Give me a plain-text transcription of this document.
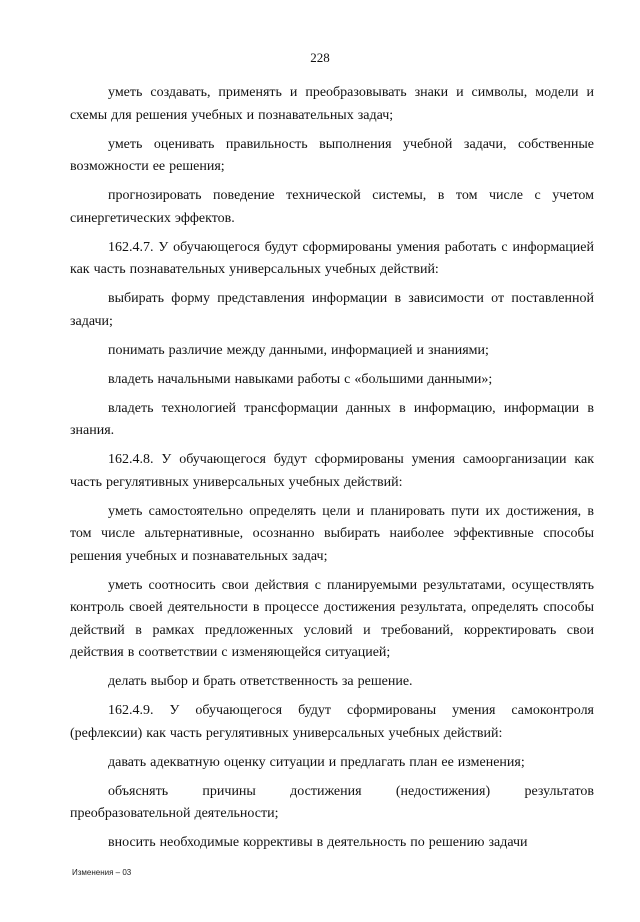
228

уметь создавать, применять и преобразовывать знаки и символы, модели и схемы для решения учебных и познавательных задач;

уметь оценивать правильность выполнения учебной задачи, собственные возможности ее решения;

прогнозировать поведение технической системы, в том числе с учетом синергетических эффектов.

162.4.7. У обучающегося будут сформированы умения работать с информацией как часть познавательных универсальных учебных действий:

выбирать форму представления информации в зависимости от поставленной задачи;

понимать различие между данными, информацией и знаниями;

владеть начальными навыками работы с «большими данными»;

владеть технологией трансформации данных в информацию, информации в знания.

162.4.8. У обучающегося будут сформированы умения самоорганизации как часть регулятивных универсальных учебных действий:

уметь самостоятельно определять цели и планировать пути их достижения, в том числе альтернативные, осознанно выбирать наиболее эффективные способы решения учебных и познавательных задач;

уметь соотносить свои действия с планируемыми результатами, осуществлять контроль своей деятельности в процессе достижения результата, определять способы действий в рамках предложенных условий и требований, корректировать свои действия в соответствии с изменяющейся ситуацией;

делать выбор и брать ответственность за решение.

162.4.9. У обучающегося будут сформированы умения самоконтроля (рефлексии) как часть регулятивных универсальных учебных действий:

давать адекватную оценку ситуации и предлагать план ее изменения;

объяснять причины достижения (недостижения) результатов преобразовательной деятельности;

вносить необходимые коррективы в деятельность по решению задачи

Изменения – 03
